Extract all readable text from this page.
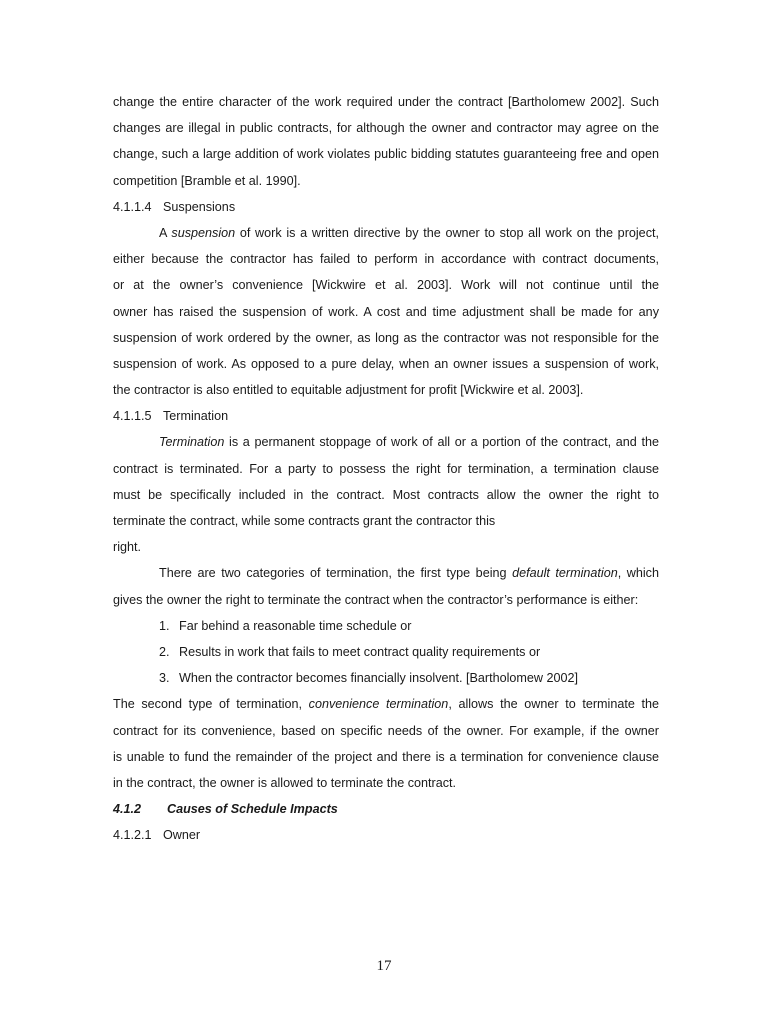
change the entire character of the work required under the contract [Bartholomew 2002]. Such
changes are illegal in public contracts, for although the owner and contractor may agree on the
change, such a large addition of work violates public bidding statutes guaranteeing free and open
competition [Bramble et al. 1990].
4.1.1.4 Suspensions
A suspension of work is a written directive by the owner to stop all work on the project,
either because the contractor has failed to perform in accordance with contract documents,
or at the owner’s convenience [Wickwire et al. 2003]. Work will not continue until the
owner has raised the suspension of work. A cost and time adjustment shall be made for any
suspension of work ordered by the owner, as long as the contractor was not responsible for the
suspension of work. As opposed to a pure delay, when an owner issues a suspension of work,
the contractor is also entitled to equitable adjustment for profit [Wickwire et al. 2003].
4.1.1.5 Termination
Termination is a permanent stoppage of work of all or a portion of the contract, and the
contract is terminated. For a party to possess the right for termination, a termination clause
must be specifically included in the contract. Most contracts allow the owner the right to
terminate the contract, while some contracts grant the contractor this
right.
There are two categories of termination, the first type being default termination, which
gives the owner the right to terminate the contract when the contractor’s performance is either:
1. Far behind a reasonable time schedule or
2. Results in work that fails to meet contract quality requirements or
3. When the contractor becomes financially insolvent. [Bartholomew 2002]
The second type of termination, convenience termination, allows the owner to terminate the
contract for its convenience, based on specific needs of the owner. For example, if the owner
is unable to fund the remainder of the project and there is a termination for convenience clause
in the contract, the owner is allowed to terminate the contract.
4.1.2 Causes of Schedule Impacts
4.1.2.1 Owner
17
